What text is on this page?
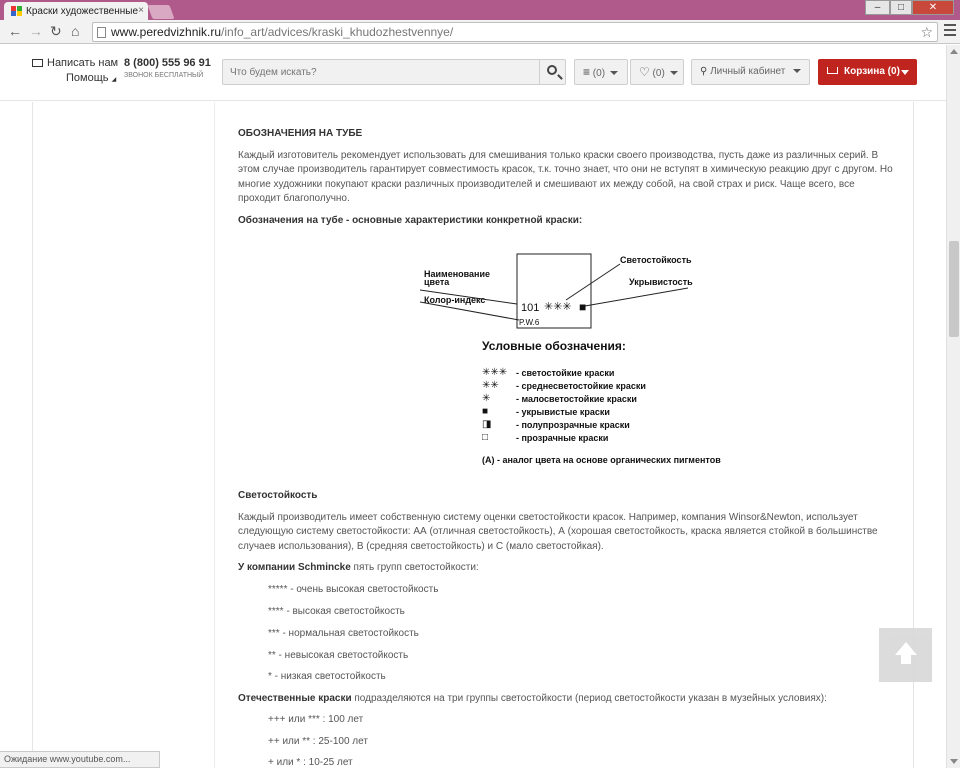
Краски художественные ×	–	□	✕
← → ↻ ⌂	www.peredvizhnik.ru/info_art/advices/kraski_khudozhestvennye/	☆
Написать нам
Помощь ◢
8 (800) 555 96 91
ЗВОНОК БЕСПЛАТНЫЙ
Что будем искать?	≡ (0)	♡ (0)	⚲ Личный кабинет	Корзина (0)
ОБОЗНАЧЕНИЯ НА ТУБЕ
Каждый изготовитель рекомендует использовать для смешивания только краски своего производства, пусть даже из различных серий. В этом случае производитель гарантирует совместимость красок, т.к. точно знает, что они не вступят в химическую реакцию друг с другом. Но многие художники покупают краски различных производителей и смешивают их между собой, на свой страх и риск. Чаще всего, все проходит благополучно.
Обозначения на тубе - основные характеристики конкретной краски:
Наименование
цвета
Колор-индекс
Светостойкость
Укрывистость
101 ✳✳✳ ■
P.W.6
Условные обозначения:
✳✳✳ - светостойкие краски
✳✳ - среднесветостойкие краски
✳	- малосветостойкие краски
■	- укрывистые краски
◨	- полупрозрачные краски
□	- прозрачные краски
(А) - аналог цвета на основе органических пигментов
Светостойкость
Каждый производитель имеет собственную систему оценки светостойкости красок. Например, компания Winsor&Newton, использует следующую систему светостойкости: АА (отличная светостойкость), А (хорошая светостойкость, краска является стойкой в большинстве случаев использования), В (средняя светостойкость) и С (мало светостойкая).
У компании Schmincke пять групп светостойкости:
***** - очень высокая светостойкость
**** - высокая светостойкость
*** - нормальная светостойкость
** - невысокая светостойкость
* - низкая светостойкость
Отечественные краски подразделяются на три группы светостойкости (период светостойкости указан в музейных условиях):
+++ или *** : 100 лет
++ или ** : 25-100 лет
+ или * : 10-25 лет
Ожидание www.youtube.com...
